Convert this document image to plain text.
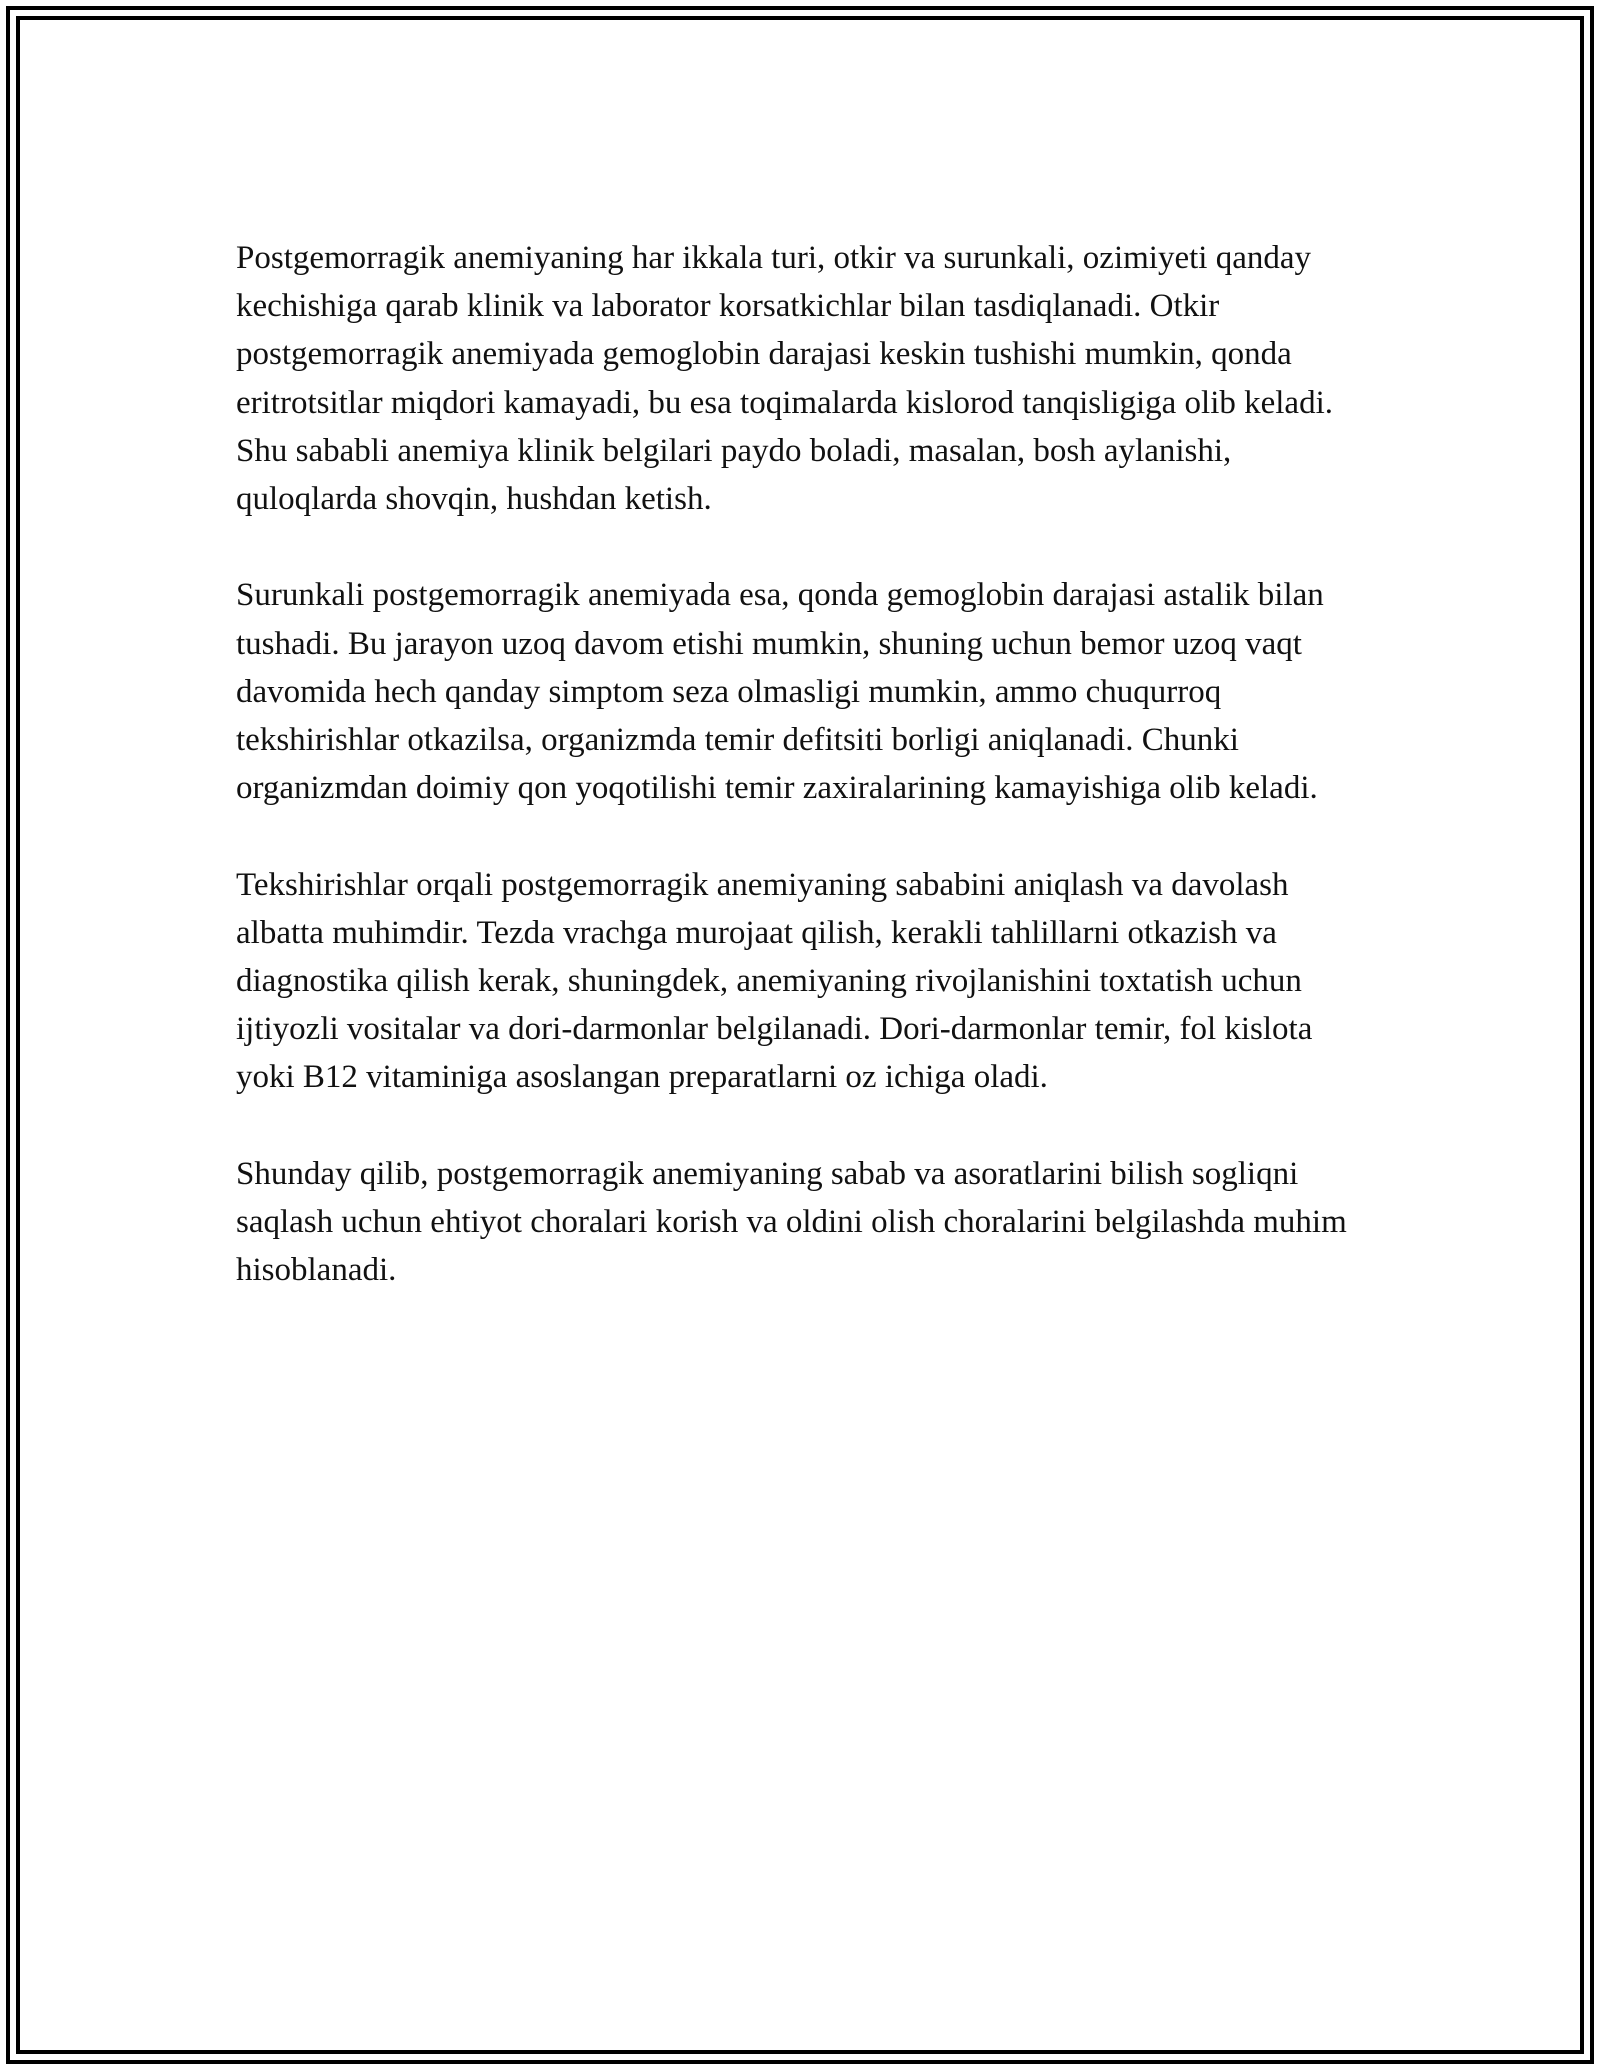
Postgemorragik anemiyaning har ikkala turi, otkir va surunkali, ozimiyeti qanday kechishiga qarab klinik va laborator korsatkichlar bilan tasdiqlanadi. Otkir postgemorragik anemiyada gemoglobin darajasi keskin tushishi mumkin, qonda eritrotsitlar miqdori kamayadi, bu esa toqimalarda kislorod tanqisligiga olib keladi. Shu sababli anemiya klinik belgilari paydo boladi, masalan, bosh aylanishi, quloqlarda shovqin, hushdan ketish.

Surunkali postgemorragik anemiyada esa, qonda gemoglobin darajasi astalik bilan tushadi. Bu jarayon uzoq davom etishi mumkin, shuning uchun bemor uzoq vaqt davomida hech qanday simptom seza olmasligi mumkin, ammo chuqurroq tekshirishlar otkazilsa, organizmda temir defitsiti borligi aniqlanadi. Chunki organizmdan doimiy qon yoqotilishi temir zaxiralarining kamayishiga olib keladi.

Tekshirishlar orqali postgemorragik anemiyaning sababini aniqlash va davolash albatta muhimdir. Tezda vrachga murojaat qilish, kerakli tahlillarni otkazish va diagnostika qilish kerak, shuningdek, anemiyaning rivojlanishini toxtatish uchun ijtiyozli vositalar va dori-darmonlar belgilanadi. Dori-darmonlar temir, fol kislota yoki B12 vitaminiga asoslangan preparatlarni oz ichiga oladi.

Shunday qilib, postgemorragik anemiyaning sabab va asoratlarini bilish sogliqni saqlash uchun ehtiyot choralari korish va oldini olish choralarini belgilashda muhim hisoblanadi.
